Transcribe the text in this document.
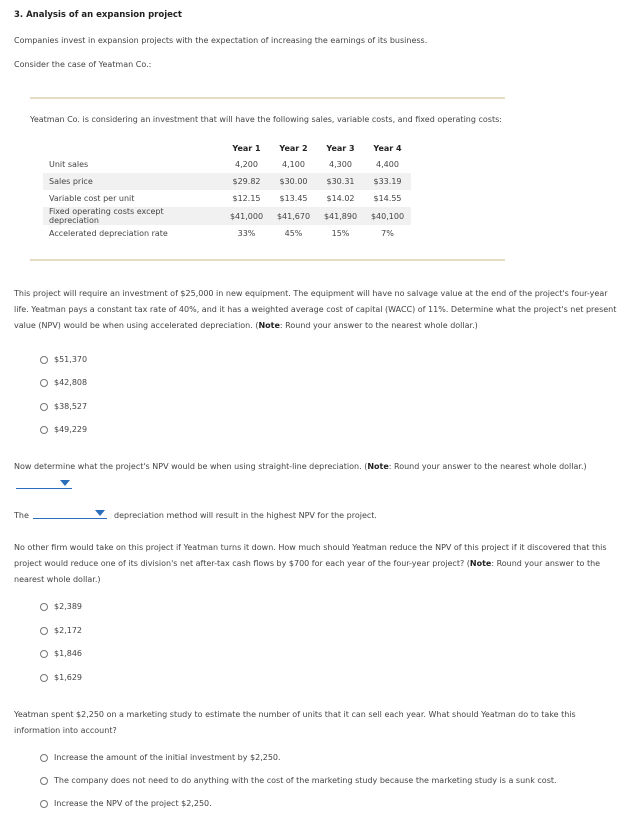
3. Analysis of an expansion project
Companies invest in expansion projects with the expectation of increasing the earnings of its business.
Consider the case of Yeatman Co.:
Yeatman Co. is considering an investment that will have the following sales, variable costs, and fixed operating costs:
	Year 1	Year 2	Year 3	Year 4
Unit sales	4,200	4,100	4,300	4,400
Sales price	$29.82	$30.00	$30.31	$33.19
Variable cost per unit	$12.15	$13.45	$14.02	$14.55
Fixed operating costs except depreciation	$41,000	$41,670	$41,890	$40,100
Accelerated depreciation rate	33%	45%	15%	7%
This project will require an investment of $25,000 in new equipment. The equipment will have no salvage value at the end of the project's four-year
life. Yeatman pays a constant tax rate of 40%, and it has a weighted average cost of capital (WACC) of 11%. Determine what the project's net present
value (NPV) would be when using accelerated depreciation. (Note: Round your answer to the nearest whole dollar.)
$51,370
$42,808
$38,527
$49,229
Now determine what the project's NPV would be when using straight-line depreciation. (Note: Round your answer to the nearest whole dollar.)
The	depreciation method will result in the highest NPV for the project.
No other firm would take on this project if Yeatman turns it down. How much should Yeatman reduce the NPV of this project if it discovered that this
project would reduce one of its division's net after-tax cash flows by $700 for each year of the four-year project? (Note: Round your answer to the
nearest whole dollar.)
$2,389
$2,172
$1,846
$1,629
Yeatman spent $2,250 on a marketing study to estimate the number of units that it can sell each year. What should Yeatman do to take this
information into account?
Increase the amount of the initial investment by $2,250.
The company does not need to do anything with the cost of the marketing study because the marketing study is a sunk cost.
Increase the NPV of the project $2,250.
